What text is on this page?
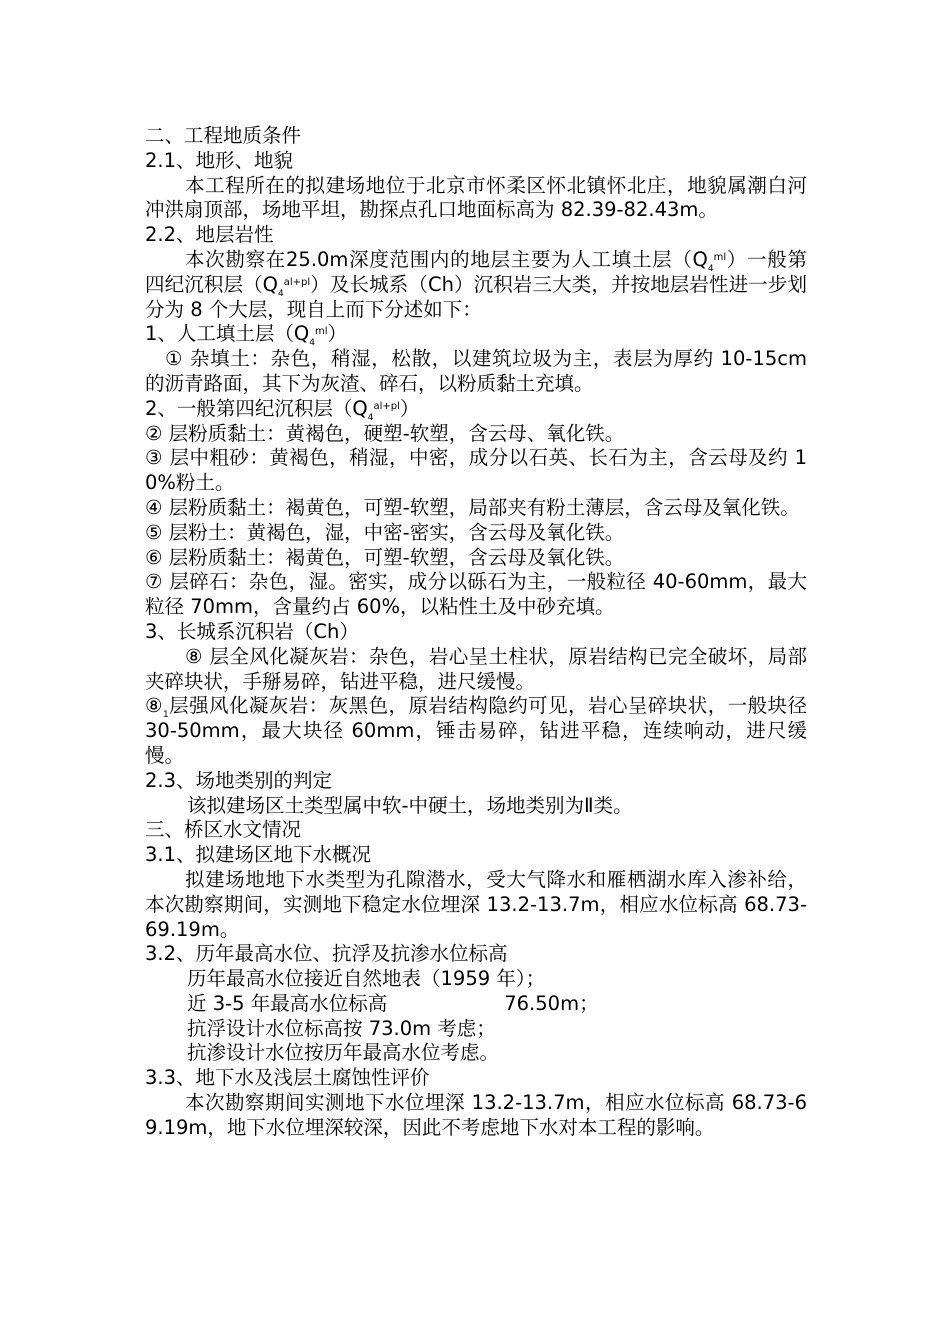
二、工程地质条件

2.1、地形、地貌

本工程所在的拟建场地位于北京市怀柔区怀北镇怀北庄，地貌属潮白河冲洪扇顶部，场地平坦，勘探点孔口地面标高为 82.39-82.43m。

2.2、地层岩性

本次勘察在25.0m深度范围内的地层主要为人工填土层$(Q_4^{ml})$一般第四纪沉积层$(Q_4^{al+pl})$及长城系（Ch）沉积岩三大类，并按地层岩性进一步划分为 8 个大层，现自上而下分述如下：

1、人工填土层$(Q_4^{ml})$

① 杂填土：杂色，稍湿，松散，以建筑垃圾为主，表层为厚约 10-15cm 的沥青路面，其下为灰渣、碎石，以粉质黏土充填。

2、一般第四纪沉积层$(Q_4^{al+pl})$

② 层粉质黏土：黄褐色，硬塑-软塑，含云母、氧化铁。

③ 层中粗砂：黄褐色，稍湿，中密，成分以石英、长石为主，含云母及约 10%粉土。

④ 层粉质黏土：褐黄色，可塑-软塑，局部夹有粉土薄层，含云母及氧化铁。

⑤ 层粉土：黄褐色，湿，中密-密实，含云母及氧化铁。

⑥ 层粉质黏土：褐黄色，可塑-软塑，含云母及氧化铁。

⑦ 层碎石：杂色，湿。密实，成分以砾石为主，一般粒径 40-60mm，最大粒径 70mm，含量约占 60%，以粘性土及中砂充填。

3、长城系沉积岩（Ch）

⑧ 层全风化凝灰岩：杂色，岩心呈土柱状，原岩结构已完全破坏，局部夹碎块状，手掰易碎，钻进平稳，进尺缓慢。

$⑧_1$层强风化凝灰岩：灰黑色，原岩结构隐约可见，岩心呈碎块状，一般块径 30-50mm，最大块径 60mm，锤击易碎，钻进平稳，连续响动，进尺缓慢。

2.3、场地类别的判定

该拟建场区土类型属中软-中硬土，场地类别为Ⅱ类。

三、桥区水文情况

3.1、拟建场区地下水概况

拟建场地地下水类型为孔隙潜水，受大气降水和雁栖湖水库入渗补给，本次勘察期间，实测地下稳定水位埋深 13.2-13.7m，相应水位标高 68.73-69.19m。

3.2、历年最高水位、抗浮及抗渗水位标高

历年最高水位接近自然地表（1959 年）；

近 3-5 年最高水位标高　　　　　　76.50m；

抗浮设计水位标高按 73.0m 考虑；

抗渗设计水位按历年最高水位考虑。

3.3、地下水及浅层土腐蚀性评价

本次勘察期间实测地下水位埋深 13.2-13.7m，相应水位标高 68.73-69.19m，地下水位埋深较深，因此不考虑地下水对本工程的影响。
